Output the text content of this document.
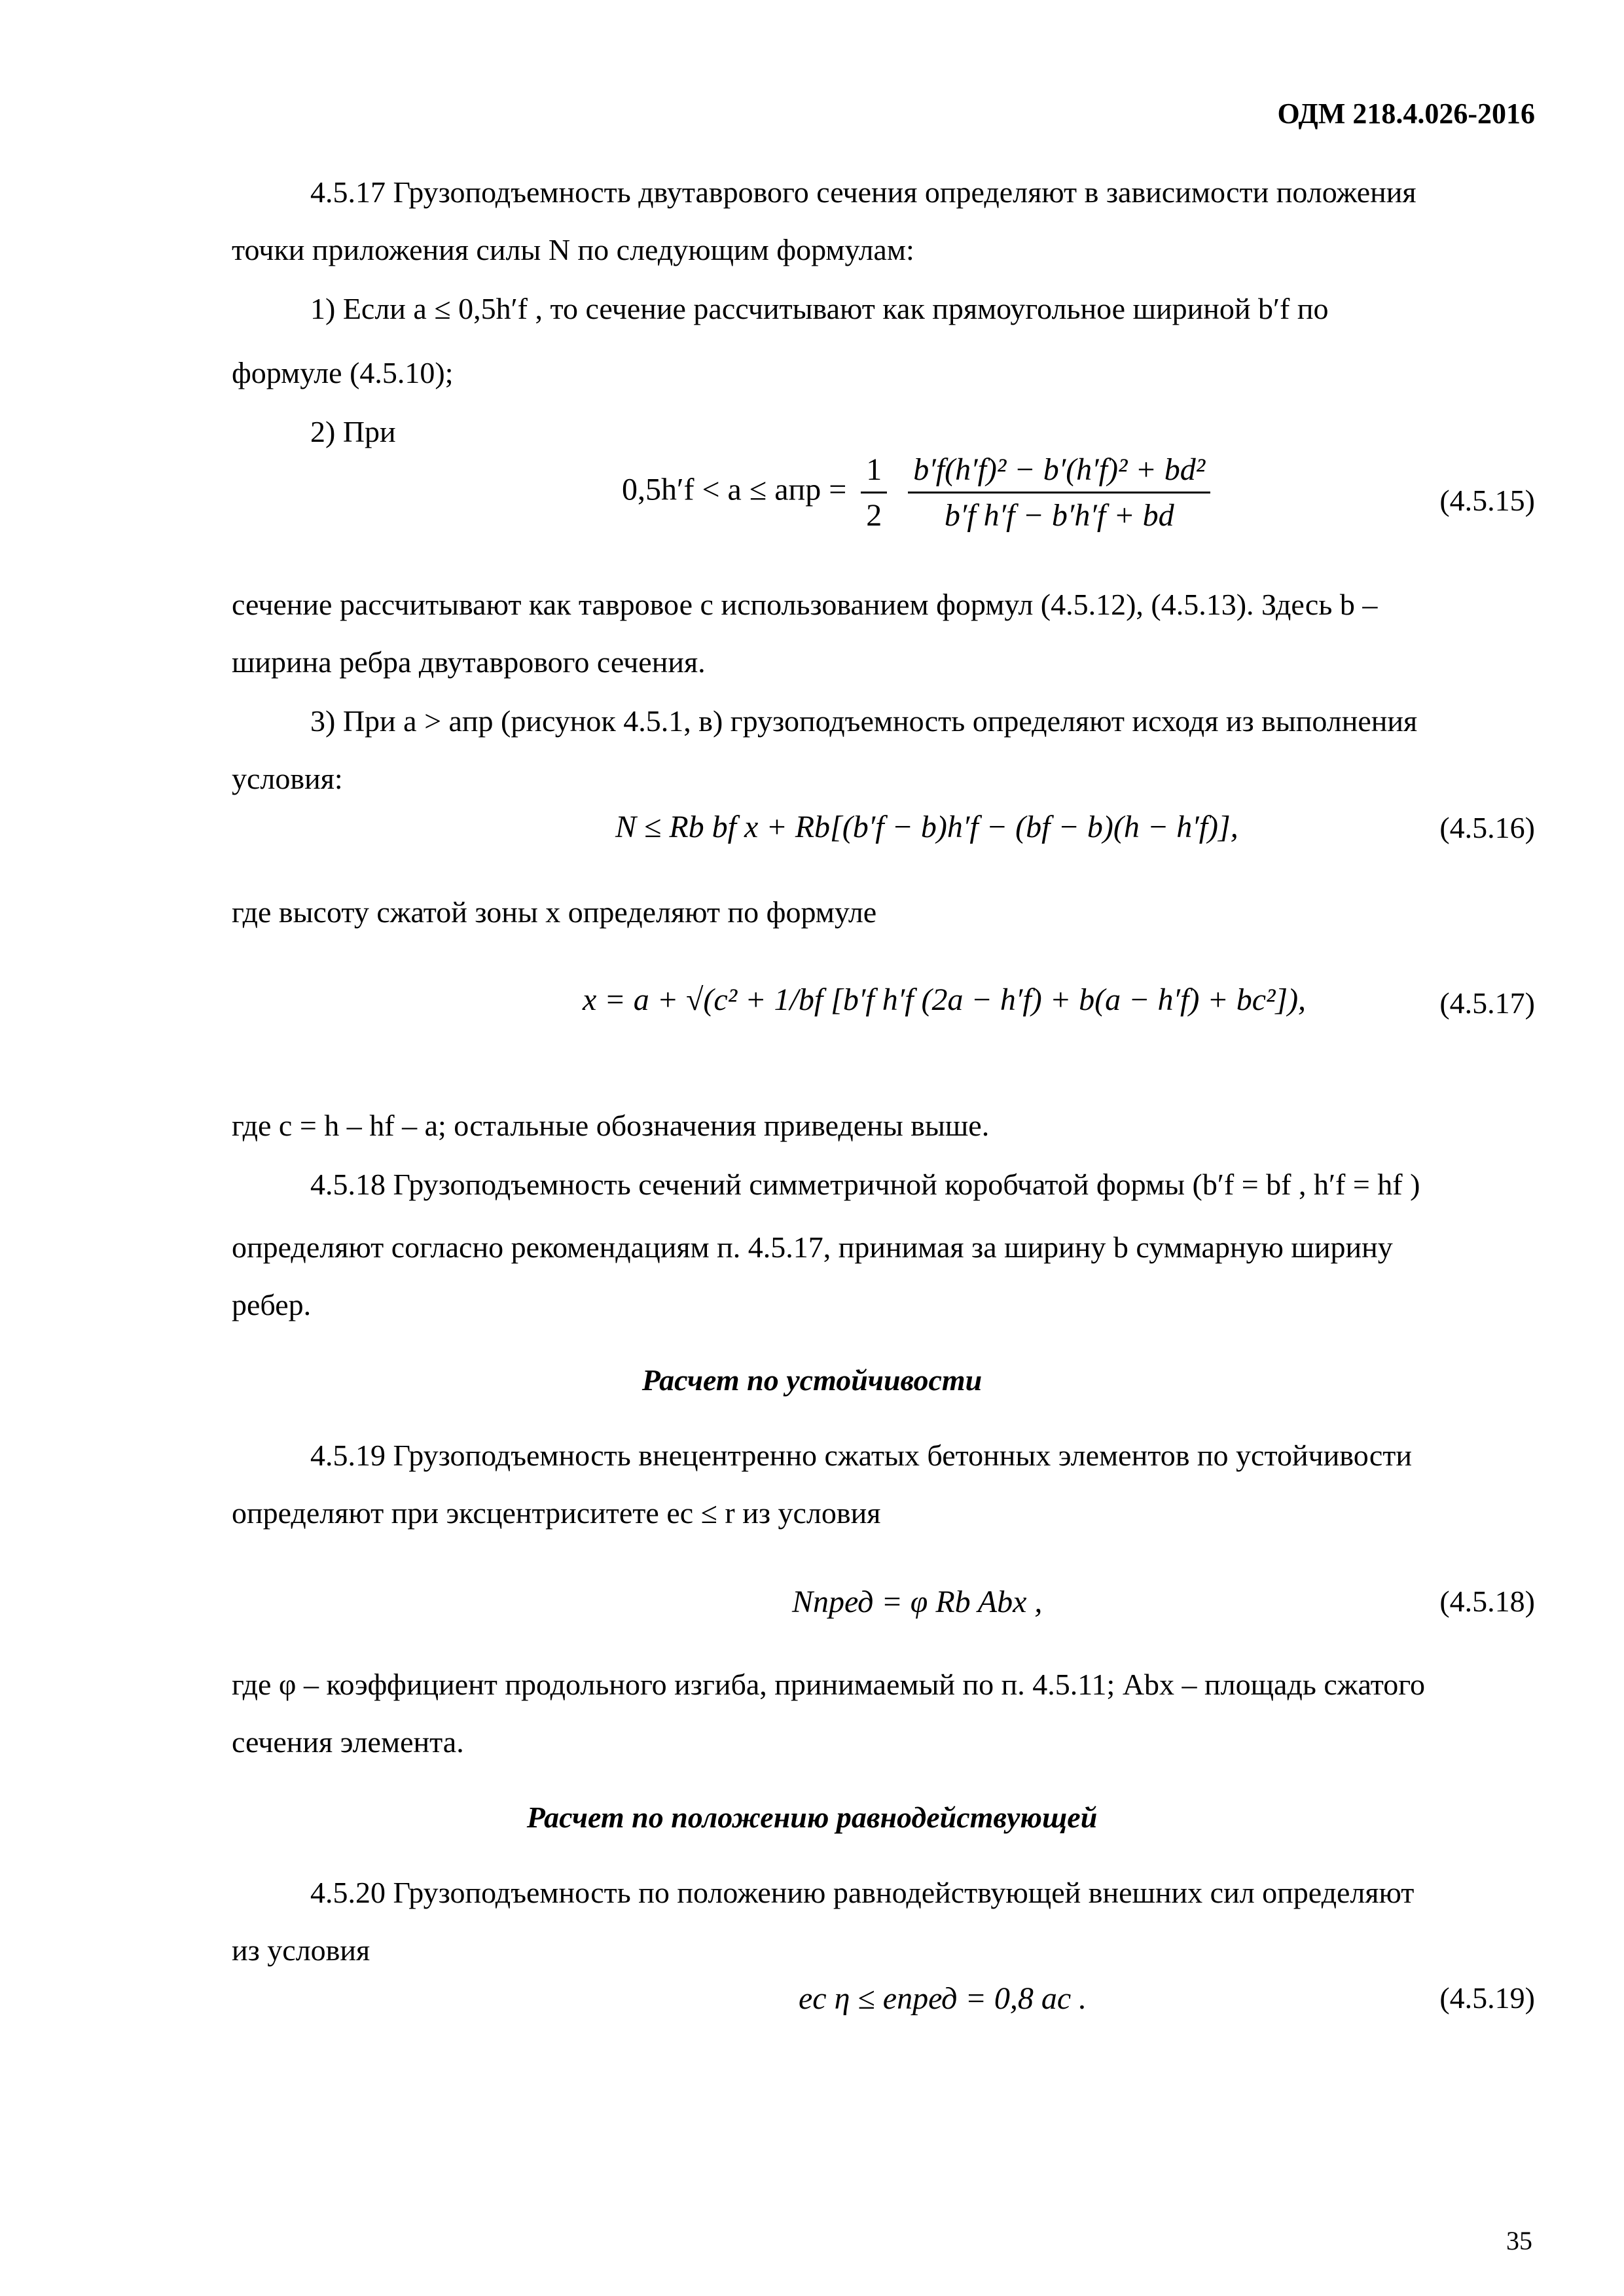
ОДМ 218.4.026-2016
4.5.17 Грузоподъемность двутаврового сечения определяют в зависимости положения
точки приложения силы N по следующим формулам:
1) Если a ≤ 0,5h′f , то сечение рассчитывают как прямоугольное шириной b′f по
формуле (4.5.10);
2) При
0,5h′f < a ≤ aпр = $\frac{1}{2}$
$\frac{\text{b′f(h′f)² − b′(h′f)² + bd²}}{\text{b′f h′f − b′h′f + bd}}$	(4.5.15)
сечение рассчитывают как тавровое с использованием формул (4.5.12), (4.5.13). Здесь b –
ширина ребра двутаврового сечения.
3) При a > aпр (рисунок 4.5.1, в) грузоподъемность определяют исходя из выполнения
условия:
N ≤ Rb bf x + Rb[(b′f − b)h′f − (bf − b)(h − h′f)],	(4.5.16)
где высоту сжатой зоны x определяют по формуле
x = a + √(c² + 1/bf [b′f h′f (2a − h′f) + b(a − h′f) + bc²]),	(4.5.17)
где c = h – hf – a; остальные обозначения приведены выше.
4.5.18 Грузоподъемность сечений симметричной коробчатой формы (b′f = bf , h′f = hf )
определяют согласно рекомендациям п. 4.5.17, принимая за ширину b суммарную ширину
ребер.
Расчет по устойчивости
4.5.19 Грузоподъемность внецентренно сжатых бетонных элементов по устойчивости
определяют при эксцентриситете ec ≤ r из условия
Nпред = φ Rb Abx ,	(4.5.18)
где φ – коэффициент продольного изгиба, принимаемый по п. 4.5.11; Abx – площадь сжатого
сечения элемента.
Расчет по положению равнодействующей
4.5.20 Грузоподъемность по положению равнодействующей внешних сил определяют
из условия
ec η ≤ eпред = 0,8 ac .	(4.5.19)
35
